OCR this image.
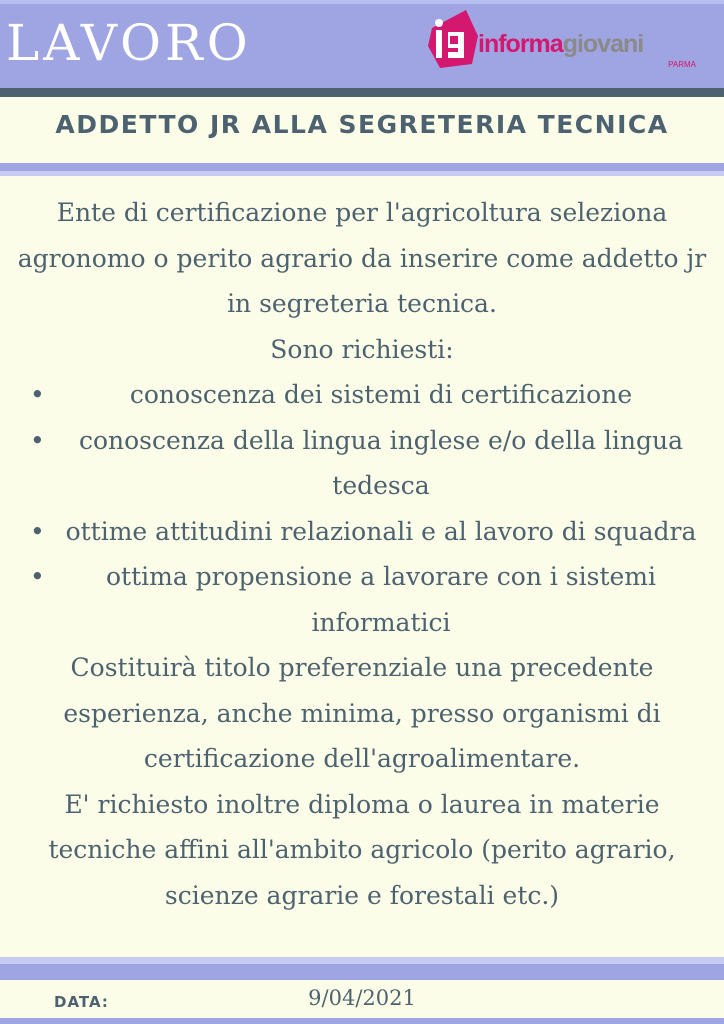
LAVORO	informagiovani
PARMA
ADDETTO JR ALLA SEGRETERIA TECNICA

Ente di certificazione per l'agricoltura seleziona agronomo o perito agrario da inserire come addetto jr in segreteria tecnica.

Sono richiesti:

•	conoscenza dei sistemi di certificazione
• conoscenza della lingua inglese e/o della lingua tedesca
• ottime attitudini relazionali e al lavoro di squadra
• ottima propensione a lavorare con i sistemi informatici

Costituirà titolo preferenziale una precedente esperienza, anche minima, presso organismi di certificazione dell'agroalimentare.

E' richiesto inoltre diploma o laurea in materie tecniche affini all'ambito agricolo (perito agrario, scienze agrarie e forestali etc.)

DATA:	9/04/2021
